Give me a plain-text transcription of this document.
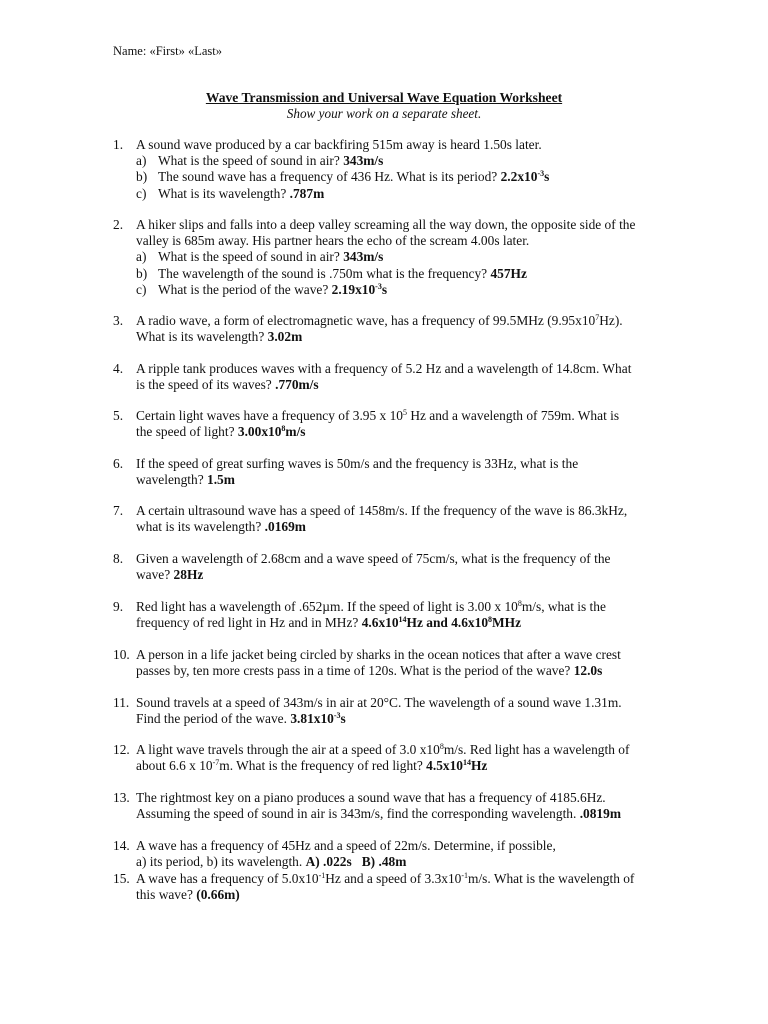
Name: «First» «Last»
Wave Transmission and Universal Wave Equation Worksheet
Show your work on a separate sheet.
1. A sound wave produced by a car backfiring 515m away is heard 1.50s later.
a) What is the speed of sound in air? 343m/s
b) The sound wave has a frequency of 436 Hz. What is its period? $2.2x10^{-3}s$
c) What is its wavelength? .787m
2. A hiker slips and falls into a deep valley screaming all the way down, the opposite side of the
valley is 685m away. His partner hears the echo of the scream 4.00s later.
a) What is the speed of sound in air? 343m/s
b) The wavelength of the sound is .750m what is the frequency? 457Hz
c) What is the period of the wave? $2.19x10^{-3}s$
3. A radio wave, a form of electromagnetic wave, has a frequency of 99.5MHz $(9.95x10^7Hz)$.
What is its wavelength? 3.02m
4. A ripple tank produces waves with a frequency of 5.2 Hz and a wavelength of 14.8cm. What
is the speed of its waves? .770m/s
5. Certain light waves have a frequency of 3.95 x $10^5$ Hz and a wavelength of 759m. What is
the speed of light? $3.00x10^8m/s$
6. If the speed of great surfing waves is 50m/s and the frequency is 33Hz, what is the
wavelength? 1.5m
7. A certain ultrasound wave has a speed of 1458m/s. If the frequency of the wave is 86.3kHz,
what is its wavelength? .0169m
8. Given a wavelength of 2.68cm and a wave speed of 75cm/s, what is the frequency of the
wave? 28Hz
9. Red light has a wavelength of .652µm. If the speed of light is 3.00 x $10^8m/s$, what is the
frequency of red light in Hz and in MHz? $4.6x10^{14}Hz$ and $4.6x10^8MHz$
10. A person in a life jacket being circled by sharks in the ocean notices that after a wave crest
passes by, ten more crests pass in a time of 120s. What is the period of the wave? 12.0s
11. Sound travels at a speed of 343m/s in air at 20°C. The wavelength of a sound wave 1.31m.
Find the period of the wave. $3.81x10^{-3}s$
12. A light wave travels through the air at a speed of 3.0 $x10^8m/s$. Red light has a wavelength of
about 6.6 x $10^{-7}m$. What is the frequency of red light? $4.5x10^{14}Hz$
13. The rightmost key on a piano produces a sound wave that has a frequency of 4185.6Hz.
Assuming the speed of sound in air is 343m/s, find the corresponding wavelength. .0819m
14. A wave has a frequency of 45Hz and a speed of 22m/s. Determine, if possible,
a) its period, b) its wavelength. A) .022s   B) .48m
15. A wave has a frequency of $5.0x10^{-1}Hz$ and a speed of $3.3x10^{-1}m/s$. What is the wavelength of
this wave? (0.66m)
